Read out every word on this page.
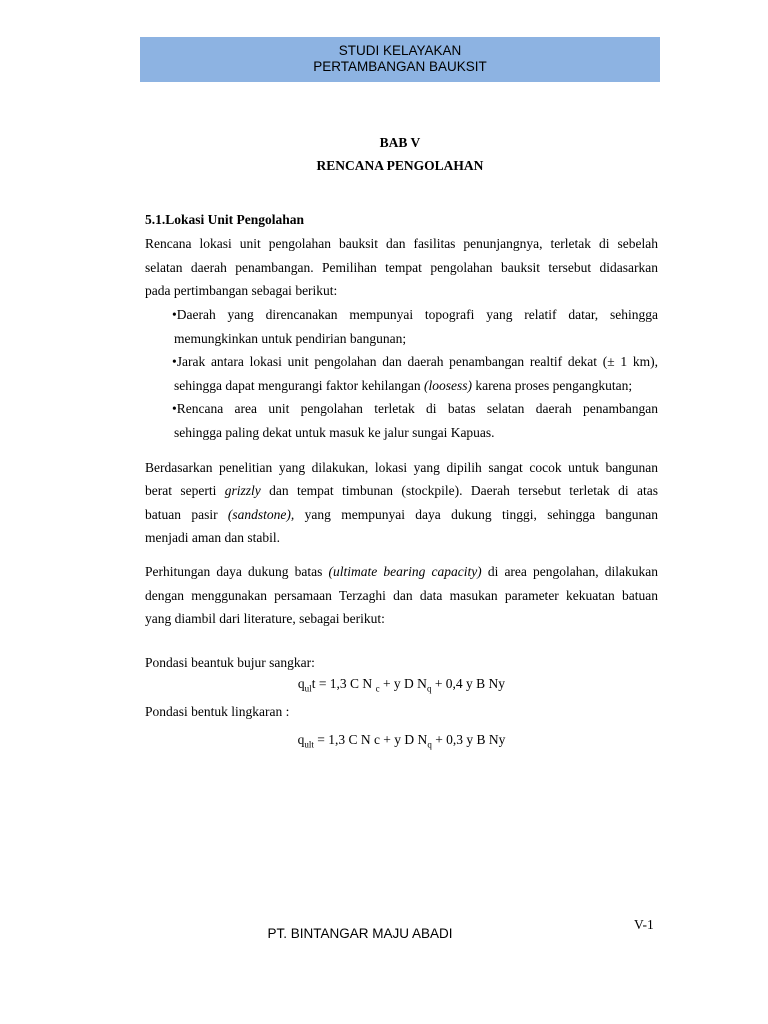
STUDI KELAYAKAN
PERTAMBANGAN BAUKSIT
BAB V
RENCANA PENGOLAHAN
5.1.Lokasi Unit Pengolahan
Rencana lokasi unit pengolahan bauksit dan fasilitas penunjangnya, terletak di sebelah
selatan daerah penambangan. Pemilihan tempat pengolahan bauksit tersebut didasarkan
pada pertimbangan sebagai berikut:
•Daerah yang direncanakan mempunyai topografi yang relatif datar, sehingga
memungkinkan untuk pendirian bangunan;
•Jarak antara lokasi unit pengolahan dan daerah penambangan realtif dekat (± 1 km),
sehingga dapat mengurangi faktor kehilangan (loosess) karena proses pengangkutan;
•Rencana area unit pengolahan terletak di batas selatan daerah penambangan
sehingga paling dekat untuk masuk ke jalur sungai Kapuas.
Berdasarkan penelitian yang dilakukan, lokasi yang dipilih sangat cocok untuk bangunan
berat seperti grizzly dan tempat timbunan (stockpile). Daerah tersebut terletak di atas
batuan pasir (sandstone), yang mempunyai daya dukung tinggi, sehingga bangunan
menjadi aman dan stabil.
Perhitungan daya dukung batas (ultimate bearing capacity) di area pengolahan, dilakukan
dengan menggunakan persamaan Terzaghi dan data masukan parameter kekuatan batuan
yang diambil dari literature, sebagai berikut:
Pondasi beantuk bujur sangkar:
$q_{ul}t = 1,3$ C N $_c$ + y D $N_q + 0,4$ y B Ny
Pondasi bentuk lingkaran :
$q_{ult} = 1,3$ C N c + y D $N_q + 0,3$ y B Ny
PT. BINTANGAR MAJU ABADI
V-1
